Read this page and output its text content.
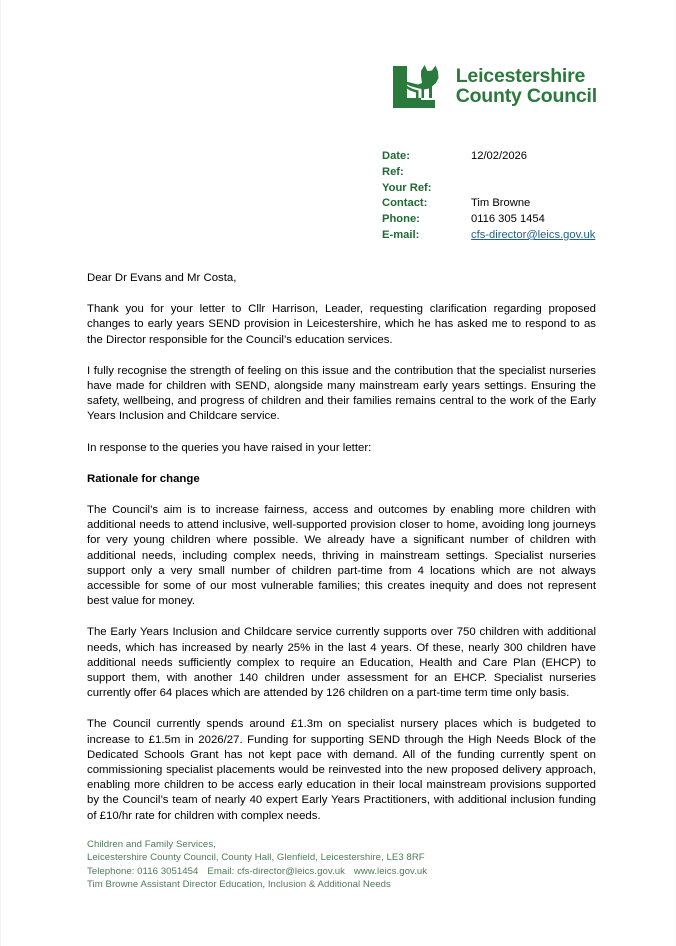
Leicestershire
County Council
Date:	12/02/2026
Ref:
Your Ref:
Contact:	Tim Browne
Phone:	0116 305 1454
E-mail:	cfs-director@leics.gov.uk

Dear Dr Evans and Mr Costa,

Thank you for your letter to Cllr Harrison, Leader, requesting clarification regarding proposed changes to early years SEND provision in Leicestershire, which he has asked me to respond to as the Director responsible for the Council’s education services.

I fully recognise the strength of feeling on this issue and the contribution that the specialist nurseries have made for children with SEND, alongside many mainstream early years settings. Ensuring the safety, wellbeing, and progress of children and their families remains central to the work of the Early Years Inclusion and Childcare service.

In response to the queries you have raised in your letter:

Rationale for change

The Council’s aim is to increase fairness, access and outcomes by enabling more children with additional needs to attend inclusive, well-supported provision closer to home, avoiding long journeys for very young children where possible. We already have a significant number of children with additional needs, including complex needs, thriving in mainstream settings. Specialist nurseries support only a very small number of children part-time from 4 locations which are not always accessible for some of our most vulnerable families; this creates inequity and does not represent best value for money.

The Early Years Inclusion and Childcare service currently supports over 750 children with additional needs, which has increased by nearly 25% in the last 4 years. Of these, nearly 300 children have additional needs sufficiently complex to require an Education, Health and Care Plan (EHCP) to support them, with another 140 children under assessment for an EHCP. Specialist nurseries currently offer 64 places which are attended by 126 children on a part-time term time only basis.

The Council currently spends around £1.3m on specialist nursery places which is budgeted to increase to £1.5m in 2026/27. Funding for supporting SEND through the High Needs Block of the Dedicated Schools Grant has not kept pace with demand. All of the funding currently spent on commissioning specialist placements would be reinvested into the new proposed delivery approach, enabling more children to be access early education in their local mainstream provisions supported by the Council’s team of nearly 40 expert Early Years Practitioners, with additional inclusion funding of £10/hr rate for children with complex needs.

Children and Family Services,
Leicestershire County Council, County Hall, Glenfield, Leicestershire, LE3 8RF
Telephone: 0116 3051454 Email: cfs-director@leics.gov.uk www.leics.gov.uk
Tim Browne Assistant Director Education, Inclusion & Additional Needs
